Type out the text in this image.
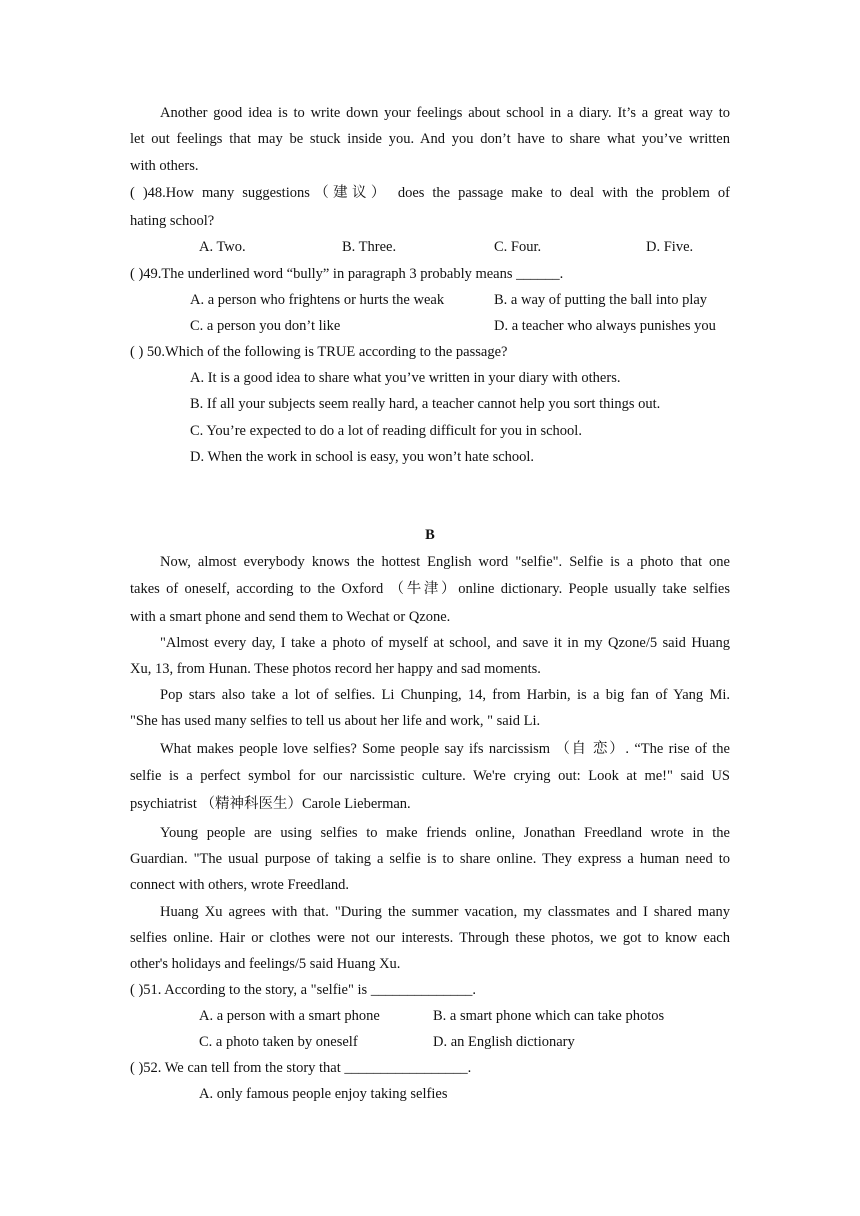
Another good idea is to write down your feelings about school in a diary. It’s a great way to
let out feelings that may be stuck inside you. And you don’t have to share what you’ve written
with others.
( )48.How many suggestions（建议） does the passage make to deal with the problem of
hating school?
A. Two.	B. Three.	C. Four.	D. Five.
( )49.The underlined word “bully” in paragraph 3 probably means ______.
A. a person who frightens or hurts the weak	B. a way of putting the ball into play
C. a person you don’t like	D. a teacher who always punishes you
( ) 50.Which of the following is TRUE according to the passage?
A. It is a good idea to share what you’ve written in your diary with others.
B. If all your subjects seem really hard, a teacher cannot help you sort things out.
C. You’re expected to do a lot of reading difficult for you in school.
D. When the work in school is easy, you won’t hate school.
B
Now, almost everybody knows the hottest English word "selfie". Selfie is a photo that one
takes of oneself, according to the Oxford （牛津）online dictionary. People usually take selfies
with a smart phone and send them to Wechat or Qzone.
"Almost every day, I take a photo of myself at school, and save it in my Qzone/5 said Huang
Xu, 13, from Hunan. These photos record her happy and sad moments.
Pop stars also take a lot of selfies. Li Chunping, 14, from Harbin, is a big fan of Yang Mi.
"She has used many selfies to tell us about her life and work, " said Li.
What makes people love selfies? Some people say ifs narcissism （自 恋）. “The rise of the
selfie is a perfect symbol for our narcissistic culture. We're crying out: Look at me!" said US
psychiatrist （精神科医生）Carole Lieberman.
Young people are using selfies to make friends online, Jonathan Freedland wrote in the
Guardian. "The usual purpose of taking a selfie is to share online. They express a human need to
connect with others, wrote Freedland.
Huang Xu agrees with that. "During the summer vacation, my classmates and I shared many
selfies online. Hair or clothes were not our interests. Through these photos, we got to know each
other's holidays and feelings/5 said Huang Xu.
( )51. According to the story, a "selfie" is ______________.
A. a person with a smart phone	B. a smart phone which can take photos
C. a photo taken by oneself	D. an English dictionary
( )52. We can tell from the story that _________________.
A. only famous people enjoy taking selfies
